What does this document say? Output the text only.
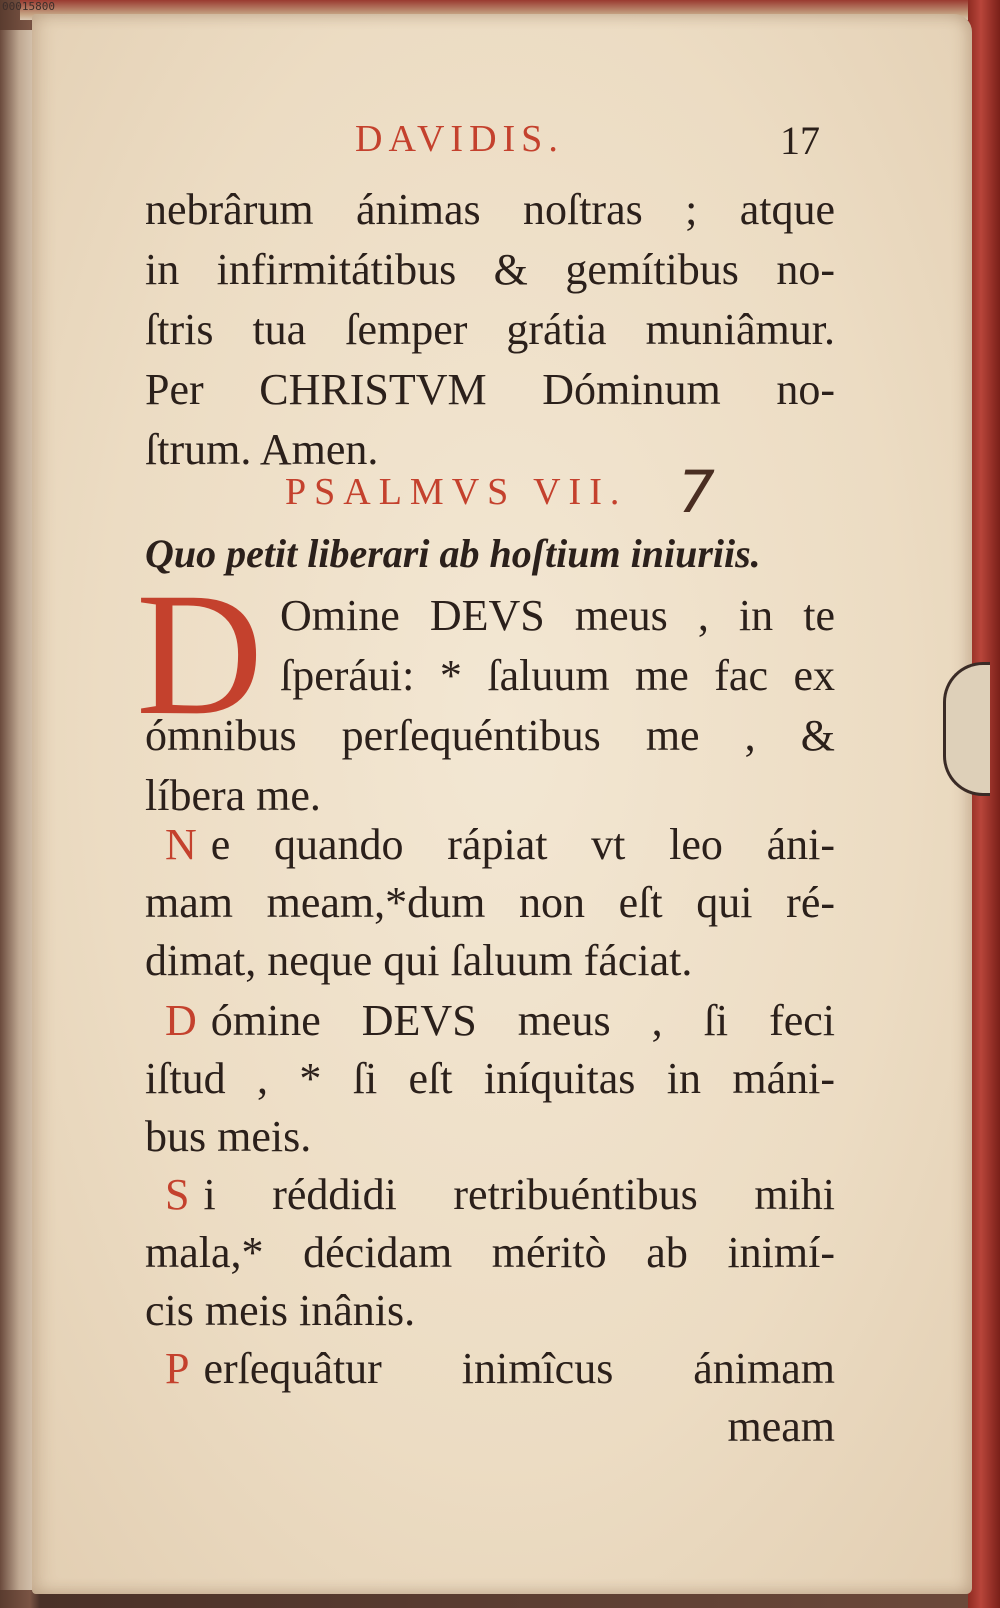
00015800
DAVIDIS.	17
nebrârum ánimas noſtras ; atque
in infirmitátibus & gemítibus no-
ſtris tua ſemper grátia muniâmur.
Per CHRISTVM Dóminum no-
ſtrum. Amen.
PSALMVS VII. 7
Quo petit liberari ab hoſtium iniuriis.
D Omine DEVS meus , in te
ſperáui: * ſaluum me fac ex
ómnibus perſequéntibus me , &
líbera me.
N e quando rápiat vt leo áni-
mam meam,*dum non eſt qui ré-
dimat, neque qui ſaluum fáciat.
D ómine DEVS meus , ſi feci
iſtud , * ſi eſt iníquitas in máni-
bus meis.
S i réddidi retribuéntibus mihi
mala,* décidam méritò ab inimí-
cis meis inânis.
P erſequâtur inimîcus ánimam
meam
